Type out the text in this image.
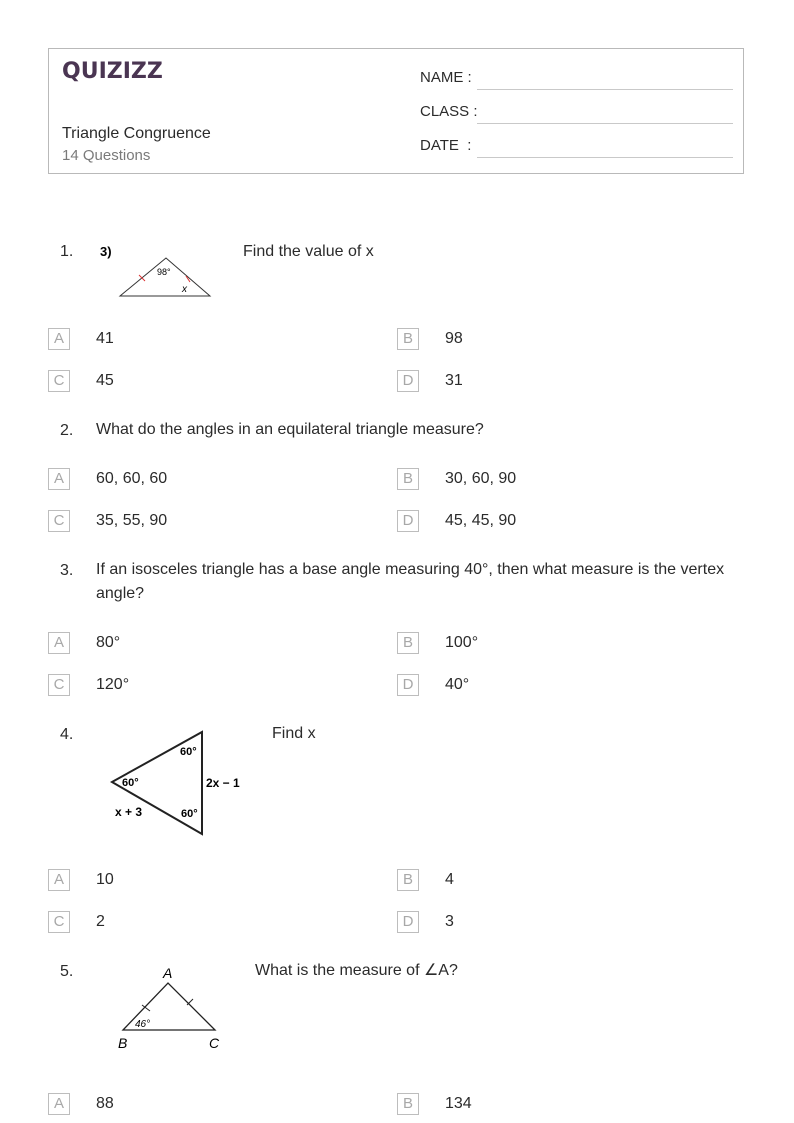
QUIZIZZ
Triangle Congruence
14 Questions
NAME :
CLASS :
DATE  :
1. 3)
98°
x
Find the value of x
A	41	B	98
C	45	D	31
2. What do the angles in an equilateral triangle measure?
A	60, 60, 60	B	30, 60, 90
C	35, 55, 90	D	45, 45, 90
3. If an isosceles triangle has a base angle measuring 40°, then what measure is the vertex
angle?
A	80°	B	100°
C	120°	D	40°
4.
60°
60°
60°
2x − 1
x + 3
Find x
A	10	B	4
C	2	D	3
5.	A
B	C
46°
What is the measure of ∠A?
A	88	B	134
